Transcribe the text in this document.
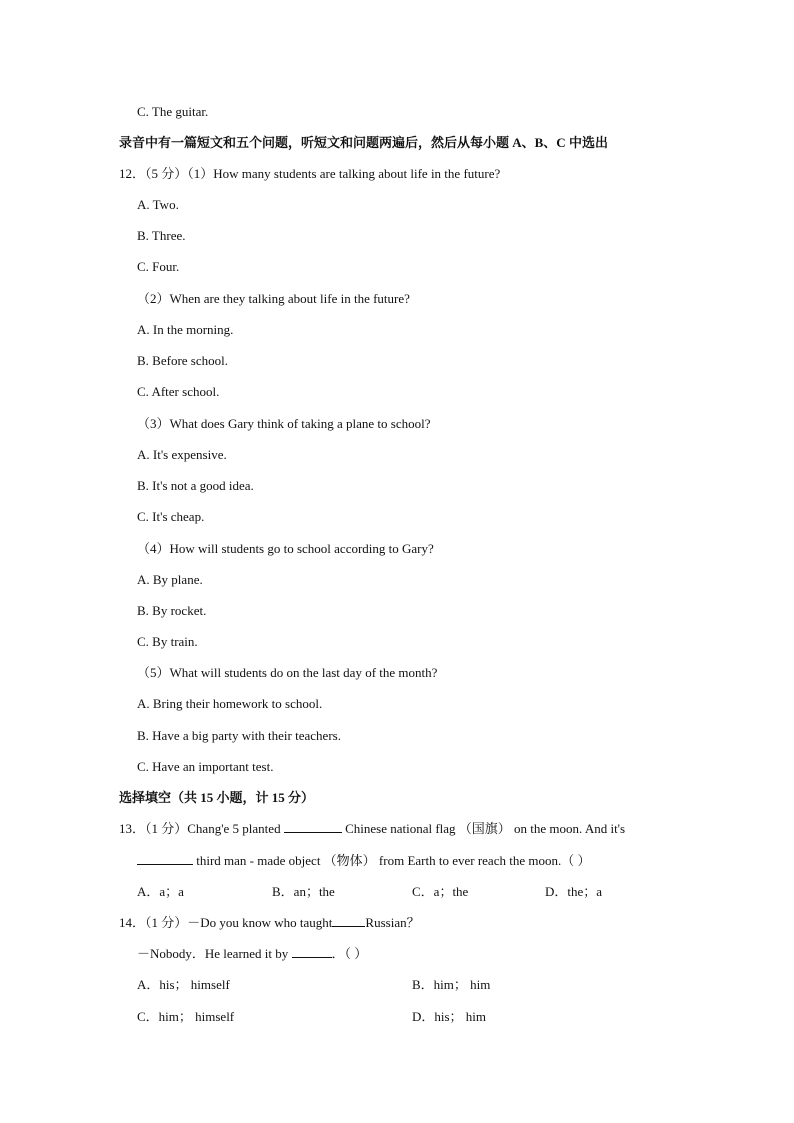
C. The guitar.
录音中有一篇短文和五个问题，听短文和问题两遍后，然后从每小题 A、B、C 中选出
12．（5 分）（1）How many students are talking about life in the future?
A. Two.
B. Three.
C. Four.
（2）When are they talking about life in the future?
A. In the morning.
B. Before school.
C. After school.
（3）What does Gary think of taking a plane to school?
A. It's expensive.
B. It's not a good idea.
C. It's cheap.
（4）How will students go to school according to Gary?
A. By plane.
B. By rocket.
C. By train.
（5）What will students do on the last day of the month?
A. Bring their homework to school.
B. Have a big party with their teachers.
C. Have an important test.
选择填空（共 15 小题，计 15 分）
13．（1 分）Chang'e 5 planted	Chinese national flag （国旗） on the moon. And it's
third man - made object （物体） from Earth to ever reach the moon.（ ）
A．a；a	B．an；the	C．a；the	D．the；a
14．（1 分）－Do you know who taught	Russian？
－Nobody．He learned it by	．（ ）
A．his； himself	B．him； him
C．him； himself	D．his； him
